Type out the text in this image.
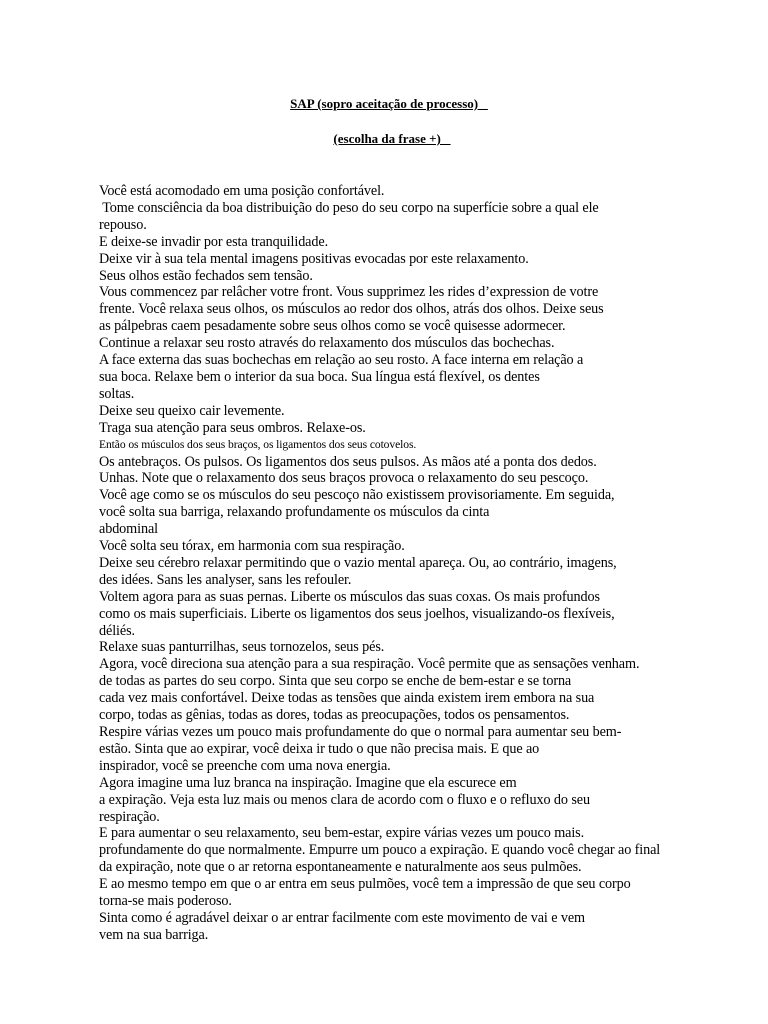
SAP (sopro aceitação de processo)
(escolha da frase +)
Você está acomodado em uma posição confortável.
Tome consciência da boa distribuição do peso do seu corpo na superfície sobre a qual ele
repouso.
E deixe-se invadir por esta tranquilidade.
Deixe vir à sua tela mental imagens positivas evocadas por este relaxamento.
Seus olhos estão fechados sem tensão.
Vous commencez par relâcher votre front. Vous supprimez les rides d’expression de votre
frente. Você relaxa seus olhos, os músculos ao redor dos olhos, atrás dos olhos. Deixe seus
as pálpebras caem pesadamente sobre seus olhos como se você quisesse adormecer.
Continue a relaxar seu rosto através do relaxamento dos músculos das bochechas.
A face externa das suas bochechas em relação ao seu rosto. A face interna em relação a
sua boca. Relaxe bem o interior da sua boca. Sua língua está flexível, os dentes
soltas.
Deixe seu queixo cair levemente.
Traga sua atenção para seus ombros. Relaxe-os.
Então os músculos dos seus braços, os ligamentos dos seus cotovelos.
Os antebraços. Os pulsos. Os ligamentos dos seus pulsos. As mãos até a ponta dos dedos.
Unhas. Note que o relaxamento dos seus braços provoca o relaxamento do seu pescoço.
Você age como se os músculos do seu pescoço não existissem provisoriamente. Em seguida,
você solta sua barriga, relaxando profundamente os músculos da cinta
abdominal
Você solta seu tórax, em harmonia com sua respiração.
Deixe seu cérebro relaxar permitindo que o vazio mental apareça. Ou, ao contrário, imagens,
des idées. Sans les analyser, sans les refouler.
Voltem agora para as suas pernas. Liberte os músculos das suas coxas. Os mais profundos
como os mais superficiais. Liberte os ligamentos dos seus joelhos, visualizando-os flexíveis,
déliés.
Relaxe suas panturrilhas, seus tornozelos, seus pés.
Agora, você direciona sua atenção para a sua respiração. Você permite que as sensações venham.
de todas as partes do seu corpo. Sinta que seu corpo se enche de bem-estar e se torna
cada vez mais confortável. Deixe todas as tensões que ainda existem irem embora na sua
corpo, todas as gênias, todas as dores, todas as preocupações, todos os pensamentos.
Respire várias vezes um pouco mais profundamente do que o normal para aumentar seu bem-
estão. Sinta que ao expirar, você deixa ir tudo o que não precisa mais. E que ao
inspirador, você se preenche com uma nova energia.
Agora imagine uma luz branca na inspiração. Imagine que ela escurece em
a expiração. Veja esta luz mais ou menos clara de acordo com o fluxo e o refluxo do seu
respiração.
E para aumentar o seu relaxamento, seu bem-estar, expire várias vezes um pouco mais.
profundamente do que normalmente. Empurre um pouco a expiração. E quando você chegar ao final
da expiração, note que o ar retorna espontaneamente e naturalmente aos seus pulmões.
E ao mesmo tempo em que o ar entra em seus pulmões, você tem a impressão de que seu corpo
torna-se mais poderoso.
Sinta como é agradável deixar o ar entrar facilmente com este movimento de vai e vem
vem na sua barriga.
